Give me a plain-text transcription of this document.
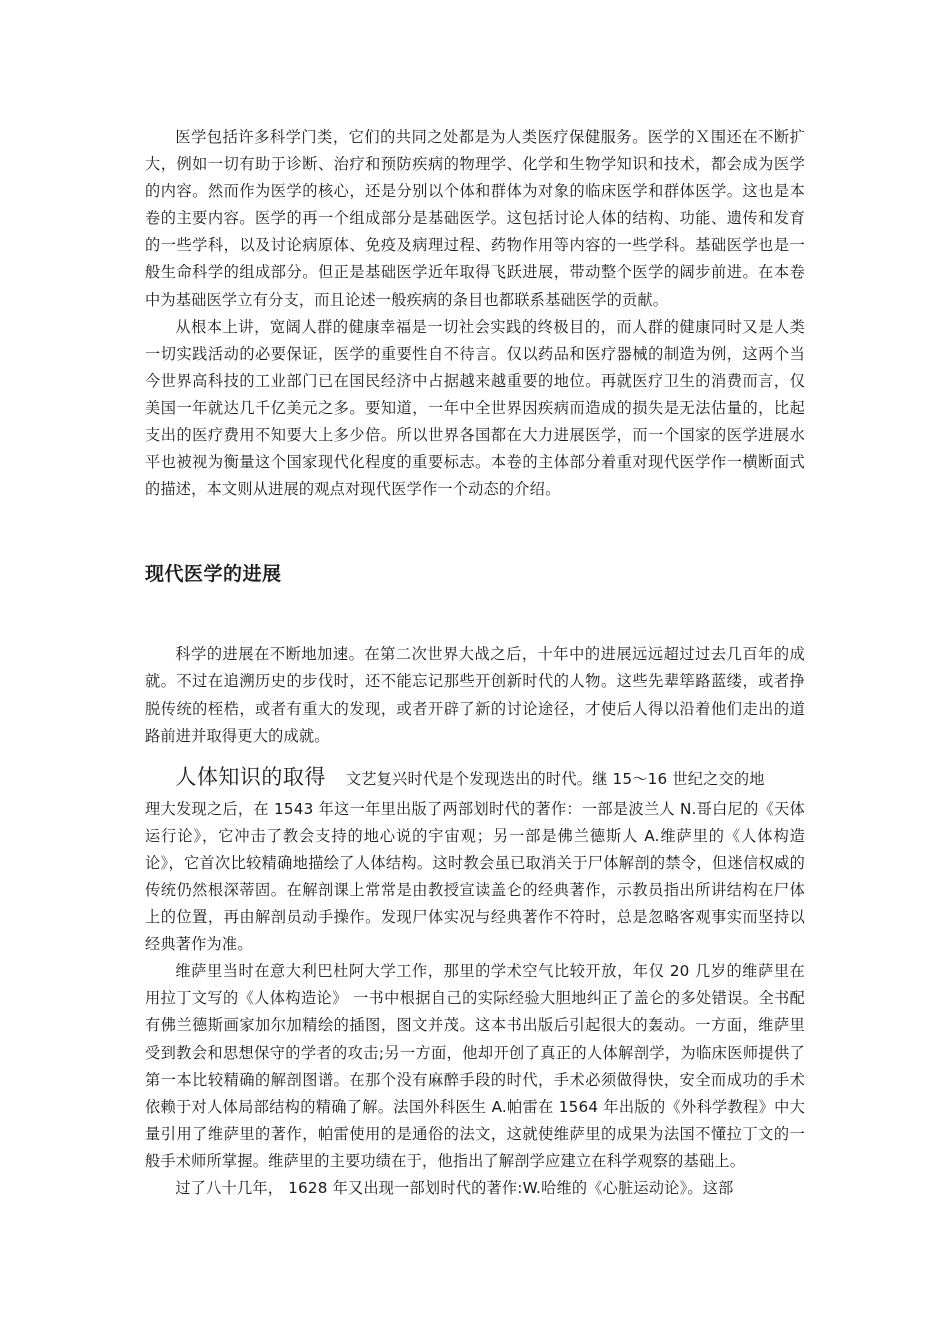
医学包括许多科学门类，它们的共同之处都是为人类医疗保健服务。医学的Ｘ围还在不断扩大，例如一切有助于诊断、治疗和预防疾病的物理学、化学和生物学知识和技术，都会成为医学的内容。然而作为医学的核心，还是分别以个体和群体为对象的临床医学和群体医学。这也是本卷的主要内容。医学的再一个组成部分是基础医学。这包括讨论人体的结构、功能、遗传和发育的一些学科，以及讨论病原体、免疫及病理过程、药物作用等内容的一些学科。基础医学也是一般生命科学的组成部分。但正是基础医学近年取得飞跃进展，带动整个医学的阔步前进。在本卷中为基础医学立有分支，而且论述一般疾病的条目也都联系基础医学的贡献。

从根本上讲，宽阔人群的健康幸福是一切社会实践的终极目的，而人群的健康同时又是人类一切实践活动的必要保证，医学的重要性自不待言。仅以药品和医疗器械的制造为例，这两个当今世界高科技的工业部门已在国民经济中占据越来越重要的地位。再就医疗卫生的消费而言，仅美国一年就达几千亿美元之多。要知道，一年中全世界因疾病而造成的损失是无法估量的，比起支出的医疗费用不知要大上多少倍。所以世界各国都在大力进展医学，而一个国家的医学进展水平也被视为衡量这个国家现代化程度的重要标志。本卷的主体部分着重对现代医学作一横断面式的描述，本文则从进展的观点对现代医学作一个动态的介绍。

现代医学的进展

科学的进展在不断地加速。在第二次世界大战之后，十年中的进展远远超过过去几百年的成就。不过在追溯历史的步伐时，还不能忘记那些开创新时代的人物。这些先辈筚路蓝缕，或者挣脱传统的桎梏，或者有重大的发现，或者开辟了新的讨论途径，才使后人得以沿着他们走出的道路前进并取得更大的成就。

人体知识的取得 文艺复兴时代是个发现迭出的时代。继 15～16 世纪之交的地

理大发现之后，在 1543 年这一年里出版了两部划时代的著作：一部是波兰人 N.哥白尼的《天体运行论》，它冲击了教会支持的地心说的宇宙观；另一部是佛兰德斯人 A.维萨里的《人体构造论》，它首次比较精确地描绘了人体结构。这时教会虽已取消关于尸体解剖的禁令，但迷信权威的传统仍然根深蒂固。在解剖课上常常是由教授宣读盖仑的经典著作，示教员指出所讲结构在尸体上的位置，再由解剖员动手操作。发现尸体实况与经典著作不符时，总是忽略客观事实而坚持以经典著作为准。

维萨里当时在意大利巴杜阿大学工作，那里的学术空气比较开放，年仅 20 几岁的维萨里在用拉丁文写的《人体构造论》 一书中根据自己的实际经验大胆地纠正了盖仑的多处错误。全书配有佛兰德斯画家加尔加精绘的插图，图文并茂。这本书出版后引起很大的轰动。一方面，维萨里受到教会和思想保守的学者的攻击;另一方面，他却开创了真正的人体解剖学，为临床医师提供了第一本比较精确的解剖图谱。在那个没有麻醉手段的时代，手术必须做得快，安全而成功的手术依赖于对人体局部结构的精确了解。法国外科医生 A.帕雷在 1564 年出版的《外科学教程》中大量引用了维萨里的著作，帕雷使用的是通俗的法文，这就使维萨里的成果为法国不懂拉丁文的一般手术师所掌握。维萨里的主要功绩在于，他指出了解剖学应建立在科学观察的基础上。

过了八十几年， 1628 年又出现一部划时代的著作:W.哈维的《心脏运动论》。这部
